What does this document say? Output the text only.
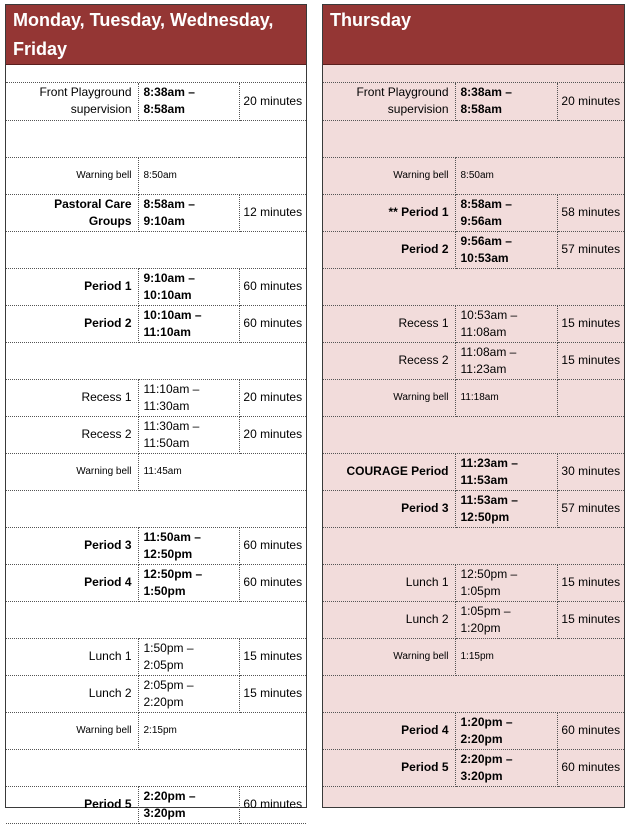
Monday, Tuesday, Wednesday, Friday
Front Playground supervision	8:38am – 8:58am	20 minutes

Warning bell	8:50am	
Pastoral Care Groups	8:58am – 9:10am	12 minutes

Period 1	9:10am – 10:10am	60 minutes
Period 2	10:10am – 11:10am	60 minutes

Recess 1	11:10am – 11:30am	20 minutes
Recess 2	11:30am – 11:50am	20 minutes
Warning bell	11:45am	

Period 3	11:50am – 12:50pm	60 minutes
Period 4	12:50pm – 1:50pm	60 minutes

Lunch 1	1:50pm – 2:05pm	15 minutes
Lunch 2	2:05pm – 2:20pm	15 minutes
Warning bell	2:15pm	

Period 5	2:20pm – 3:20pm	60 minutes
Thursday
Front Playground supervision	8:38am – 8:58am	20 minutes

Warning bell	8:50am	
** Period 1	8:58am – 9:56am	58 minutes
Period 2	9:56am – 10:53am	57 minutes

Recess 1	10:53am – 11:08am	15 minutes
Recess 2	11:08am – 11:23am	15 minutes
Warning bell	11:18am	

COURAGE Period	11:23am – 11:53am	30 minutes
Period 3	11:53am – 12:50pm	57 minutes

Lunch 1	12:50pm – 1:05pm	15 minutes
Lunch 2	1:05pm – 1:20pm	15 minutes
Warning bell	1:15pm	

Period 4	1:20pm – 2:20pm	60 minutes
Period 5	2:20pm – 3:20pm	60 minutes
